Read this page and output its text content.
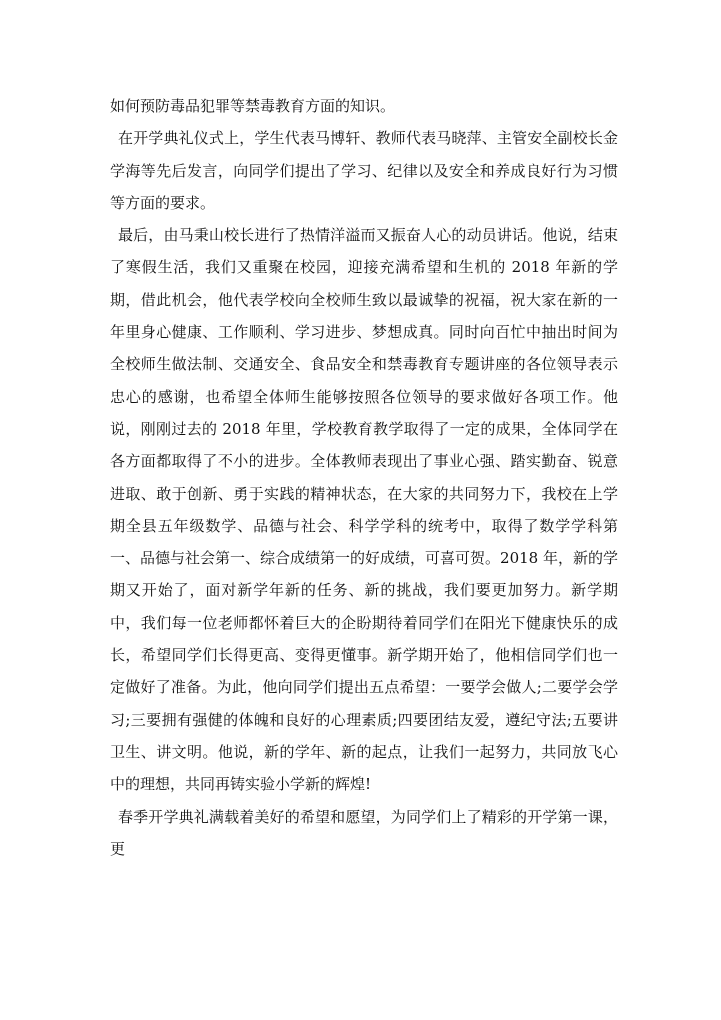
如何预防毒品犯罪等禁毒教育方面的知识。

在开学典礼仪式上，学生代表马博轩、教师代表马晓萍、主管安全副校长金学海等先后发言，向同学们提出了学习、纪律以及安全和养成良好行为习惯等方面的要求。

最后，由马秉山校长进行了热情洋溢而又振奋人心的动员讲话。他说，结束了寒假生活，我们又重聚在校园，迎接充满希望和生机的 2018 年新的学期，借此机会，他代表学校向全校师生致以最诚挚的祝福，祝大家在新的一年里身心健康、工作顺利、学习进步、梦想成真。同时向百忙中抽出时间为全校师生做法制、交通安全、食品安全和禁毒教育专题讲座的各位领导表示忠心的感谢，也希望全体师生能够按照各位领导的要求做好各项工作。他说，刚刚过去的 2018 年里，学校教育教学取得了一定的成果，全体同学在各方面都取得了不小的进步。全体教师表现出了事业心强、踏实勤奋、锐意进取、敢于创新、勇于实践的精神状态，在大家的共同努力下，我校在上学期全县五年级数学、品德与社会、科学学科的统考中，取得了数学学科第一、品德与社会第一、综合成绩第一的好成绩，可喜可贺。2018 年，新的学期又开始了，面对新学年新的任务、新的挑战，我们要更加努力。新学期中，我们每一位老师都怀着巨大的企盼期待着同学们在阳光下健康快乐的成长，希望同学们长得更高、变得更懂事。新学期开始了，他相信同学们也一定做好了准备。为此，他向同学们提出五点希望：一要学会做人;二要学会学习;三要拥有强健的体魄和良好的心理素质;四要团结友爱，遵纪守法;五要讲卫生、讲文明。他说，新的学年、新的起点，让我们一起努力，共同放飞心中的理想，共同再铸实验小学新的辉煌!

春季开学典礼满载着美好的希望和愿望，为同学们上了精彩的开学第一课，更
